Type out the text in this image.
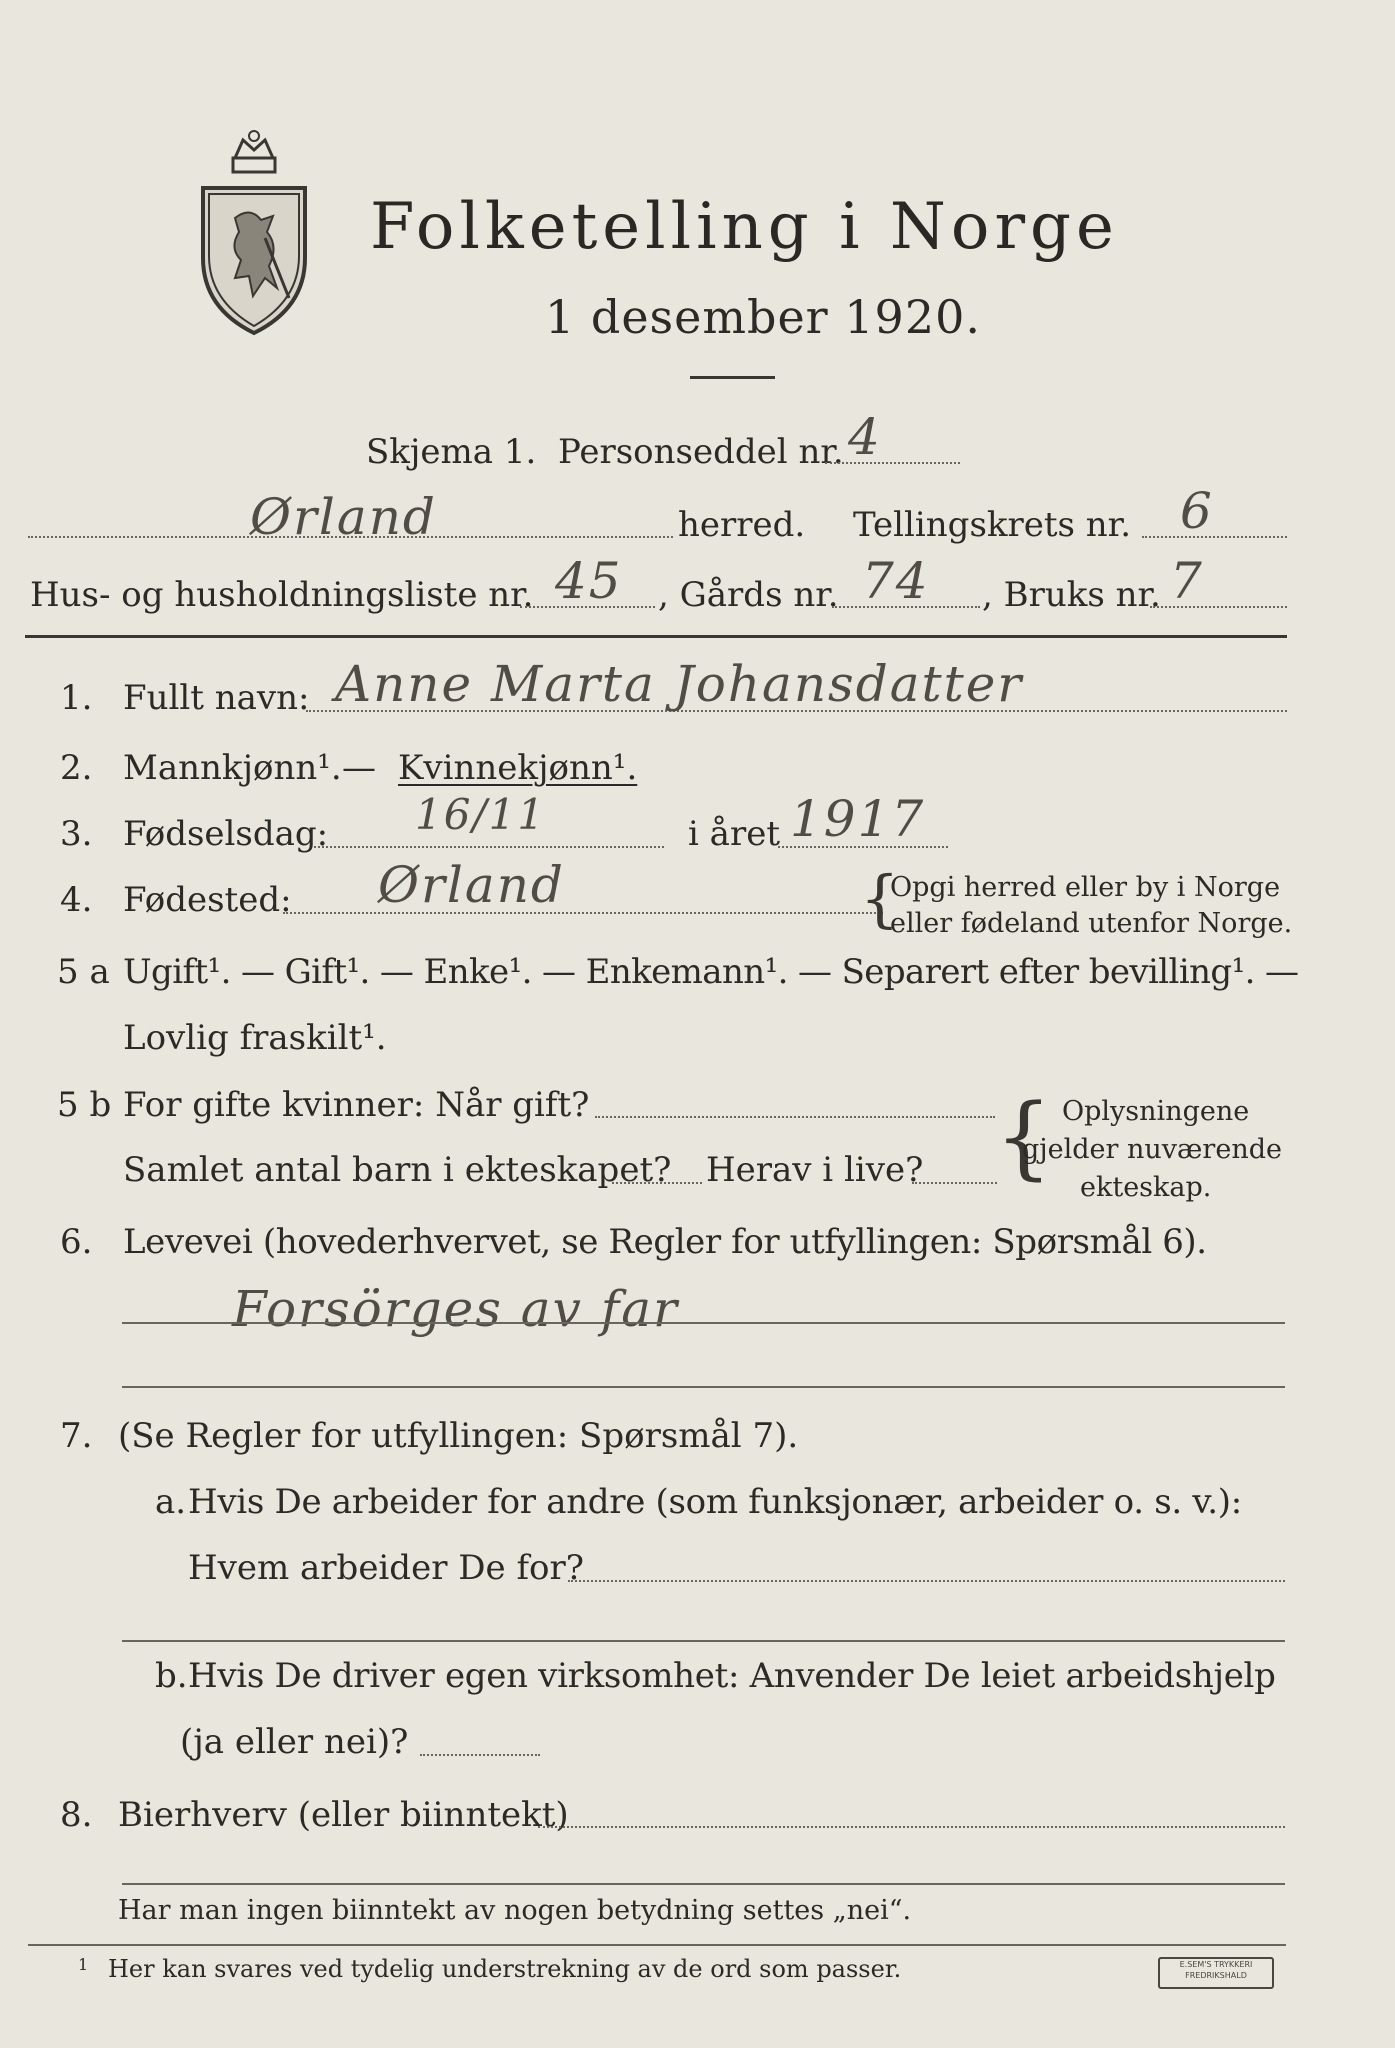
Folketelling i Norge
1 desember 1920.
Skjema 1. Personseddel nr. 4
Ørland	herred. Tellingskrets nr. 6
Hus- og husholdningsliste nr. 45 , Gårds nr. 74 , Bruks nr. 7
1. Fullt navn: Anne Marta Johansdatter
2. Mannkjønn¹. — Kvinnekjønn¹.
3. Fødselsdag: 16/11	i året 1917
4. Fødested: Ørland	{
Opgi herred eller by i Norge
eller fødeland utenfor Norge.
5 a Ugift¹. — Gift¹. — Enke¹. — Enkemann¹. — Separert efter bevilling¹. —
Lovlig fraskilt¹.
5 b For gifte kvinner: Når gift?
Samlet antal barn i ekteskapet? Herav i live? { Oplysningene
gjelder nuværende
ekteskap.
6. Levevei (hovederhvervet, se Regler for utfyllingen: Spørsmål 6).
Forsörges av far
7. (Se Regler for utfyllingen: Spørsmål 7).
a. Hvis De arbeider for andre (som funksjonær, arbeider o. s. v.):
Hvem arbeider De for?
b. Hvis De driver egen virksomhet: Anvender De leiet arbeidshjelp
(ja eller nei)?
8. Bierhverv (eller biinntekt)
Har man ingen biinntekt av nogen betydning settes „nei“.
1 Her kan svares ved tydelig understrekning av de ord som passer.	E.SEM'S TRYKKERI
FREDRIKSHALD
